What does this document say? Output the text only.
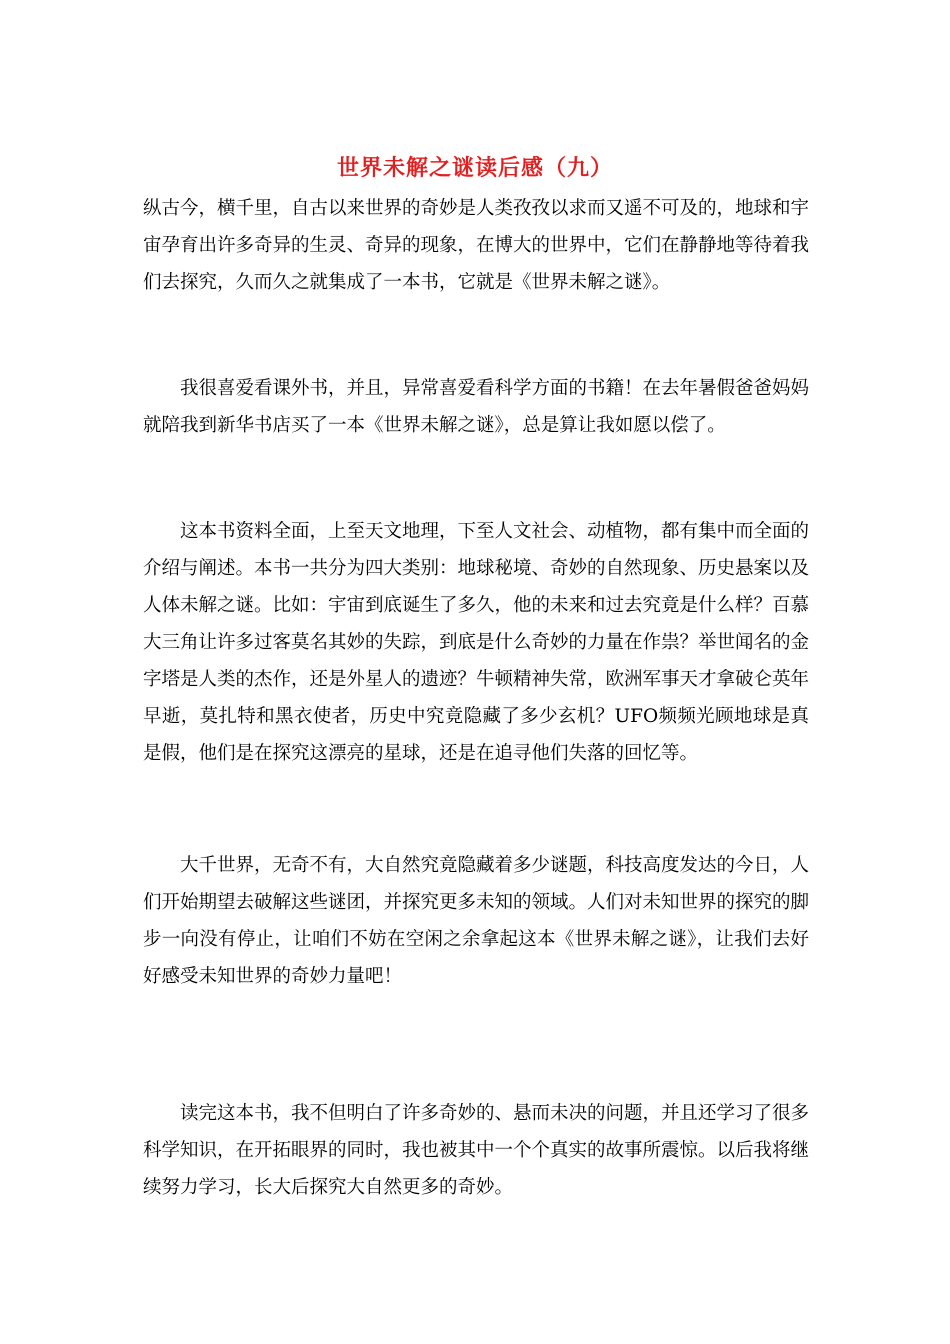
世界未解之谜读后感（九）

纵古今，横千里，自古以来世界的奇妙是人类孜孜以求而又遥不可及的，地球和宇宙孕育出许多奇异的生灵、奇异的现象，在博大的世界中，它们在静静地等待着我们去探究，久而久之就集成了一本书，它就是《世界未解之谜》。

我很喜爱看课外书，并且，异常喜爱看科学方面的书籍！在去年暑假爸爸妈妈就陪我到新华书店买了一本《世界未解之谜》，总是算让我如愿以偿了。

这本书资料全面，上至天文地理，下至人文社会、动植物，都有集中而全面的介绍与阐述。本书一共分为四大类别：地球秘境、奇妙的自然现象、历史悬案以及人体未解之谜。比如：宇宙到底诞生了多久，他的未来和过去究竟是什么样？百慕大三角让许多过客莫名其妙的失踪，到底是什么奇妙的力量在作祟？举世闻名的金字塔是人类的杰作，还是外星人的遗迹？牛顿精神失常，欧洲军事天才拿破仑英年早逝，莫扎特和黑衣使者，历史中究竟隐藏了多少玄机？UFO频频光顾地球是真是假，他们是在探究这漂亮的星球，还是在追寻他们失落的回忆等。

大千世界，无奇不有，大自然究竟隐藏着多少谜题，科技高度发达的今日，人们开始期望去破解这些谜团，并探究更多未知的领域。人们对未知世界的探究的脚步一向没有停止，让咱们不妨在空闲之余拿起这本《世界未解之谜》，让我们去好好感受未知世界的奇妙力量吧！

读完这本书，我不但明白了许多奇妙的、悬而未决的问题，并且还学习了很多科学知识，在开拓眼界的同时，我也被其中一个个真实的故事所震惊。以后我将继续努力学习，长大后探究大自然更多的奇妙。
